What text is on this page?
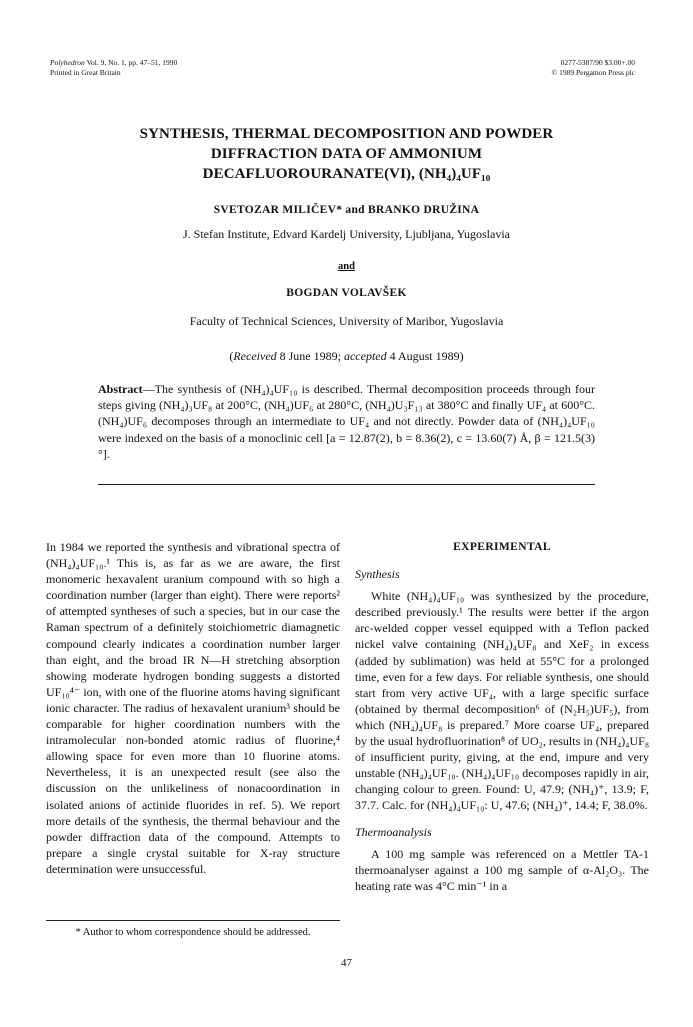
Polyhedron Vol. 9, No. 1, pp. 47–51, 1990
Printed in Great Britain
0277-5387/90 $3.00+.00
© 1989 Pergamon Press plc
SYNTHESIS, THERMAL DECOMPOSITION AND POWDER
DIFFRACTION DATA OF AMMONIUM
DECAFLUOROURANATE(VI), (NH₄)₄UF₁₀
SVETOZAR MILIČEV* and BRANKO DRUŽINA
J. Stefan Institute, Edvard Kardelj University, Ljubljana, Yugoslavia
and
BOGDAN VOLAVŠEK
Faculty of Technical Sciences, University of Maribor, Yugoslavia
(Received 8 June 1989; accepted 4 August 1989)
Abstract—The synthesis of (NH₄)₄UF₁₀ is described. Thermal decomposition proceeds through four steps giving (NH₄)₃UF₈ at 200°C, (NH₄)UF₆ at 280°C, (NH₄)U₃F₁₃ at 380°C and finally UF₄ at 600°C. (NH₄)UF₆ decomposes through an intermediate to UF₄ and not directly. Powder data of (NH₄)₄UF₁₀ were indexed on the basis of a monoclinic cell [a = 12.87(2), b = 8.36(2), c = 13.60(7) Å, β = 121.5(3)°].
In 1984 we reported the synthesis and vibrational spectra of (NH₄)₄UF₁₀.¹ This is, as far as we are aware, the first monomeric hexavalent uranium compound with so high a coordination number (larger than eight). There were reports² of attempted syntheses of such a species, but in our case the Raman spectrum of a definitely stoichiometric diamagnetic compound clearly indicates a coordination number larger than eight, and the broad IR N—H stretching absorption showing moderate hydrogen bonding suggests a distorted UF₁₀⁴⁻ ion, with one of the fluorine atoms having significant ionic character. The radius of hexavalent uranium³ should be comparable for higher coordination numbers with the intramolecular non-bonded atomic radius of fluorine,⁴ allowing space for even more than 10 fluorine atoms. Nevertheless, it is an unexpected result (see also the discussion on the unlikeliness of nonacoordination in isolated anions of actinide fluorides in ref. 5). We report more details of the synthesis, the thermal behaviour and the powder diffraction data of the compound. Attempts to prepare a single crystal suitable for X-ray structure determination were unsuccessful.
EXPERIMENTAL
Synthesis
White (NH₄)₄UF₁₀ was synthesized by the procedure, described previously.¹ The results were better if the argon arc-welded copper vessel equipped with a Teflon packed nickel valve containing (NH₄)₄UF₈ and XeF₂ in excess (added by sublimation) was held at 55°C for a prolonged time, even for a few days. For reliable synthesis, one should start from very active UF₄, with a large specific surface (obtained by thermal decomposition⁶ of (N₂H₅)UF₅), from which (NH₄)₄UF₈ is prepared.⁷ More coarse UF₄, prepared by the usual hydrofluorination⁸ of UO₂, results in (NH₄)₄UF₈ of insufficient purity, giving, at the end, impure and very unstable (NH₄)₄UF₁₀. (NH₄)₄UF₁₀ decomposes rapidly in air, changing colour to green. Found: U, 47.9; (NH₄)⁺, 13.9; F, 37.7. Calc. for (NH₄)₄UF₁₀: U, 47.6; (NH₄)⁺, 14.4; F, 38.0%.
Thermoanalysis
A 100 mg sample was referenced on a Mettler TA-1 thermoanalyser against a 100 mg sample of α-Al₂O₃. The heating rate was 4°C min⁻¹ in a
* Author to whom correspondence should be addressed.
47
